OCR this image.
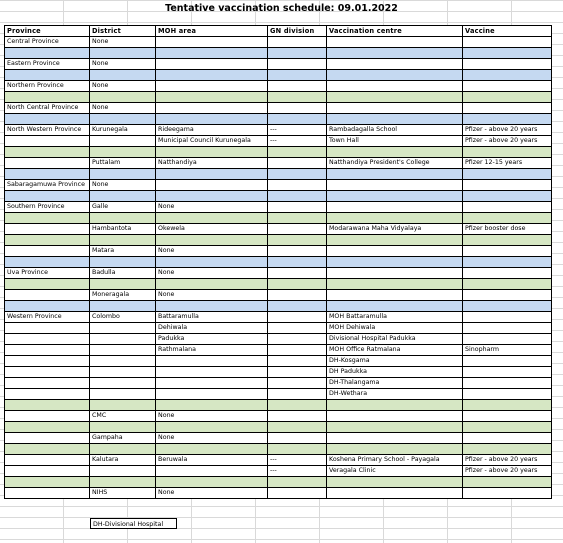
Tentative vaccination schedule: 09.01.2022
Province	District	MOH area	GN division	Vaccination centre	Vaccine
Central Province	None				

Eastern Province	None				

Northern Province	None				

North Central Province	None				

North Western Province	Kurunegala	Rideegama	---	Rambadagalla School	Pfizer - above 20 years
		Municipal Council Kurunegala	---	Town Hall	Pfizer - above 20 years

	Puttalam	Natthandiya		Natthandiya President's College	Pfizer 12-15 years

Sabaragamuwa Province	None				

Southern Province	Galle	None			

	Hambantota	Okewela		Modarawana Maha Vidyalaya	Pfizer booster dose

	Matara	None			

Uva Province	Badulla	None			

	Moneragala	None			

Western Province	Colombo	Battaramulla		MOH Battaramulla	
		Dehiwala		MOH Dehiwala	
		Padukka		Divisional Hospital Padukka	
		Rathmalana		MOH Office Ratmalana	Sinopharm
				DH-Kosgama	
				DH Padukka	
				DH-Thalangama	
				DH-Wethara	

	CMC	None			

	Gampaha	None			

	Kalutara	Beruwala	---	Koshena Primary School - Payagala	Pfizer - above 20 years
			---	Veragala Clinic	Pfizer - above 20 years

	NIHS	None			
DH-Divisional Hospital
